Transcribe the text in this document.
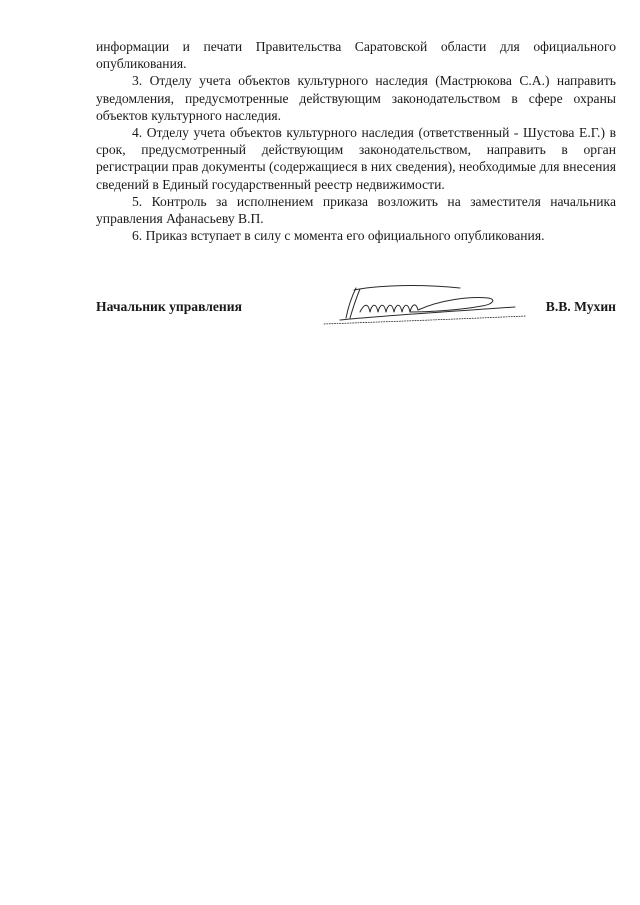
информации и печати Правительства Саратовской области для официального опубликования.

3. Отделу учета объектов культурного наследия (Мастрюкова С.А.) направить уведомления, предусмотренные действующим законодательством в сфере охраны объектов культурного наследия.

4. Отделу учета объектов культурного наследия (ответственный - Шустова Е.Г.) в срок, предусмотренный действующим законодательством, направить в орган регистрации прав документы (содержащиеся в них сведения), необходимые для внесения сведений в Единый государственный реестр недвижимости.

5. Контроль за исполнением приказа возложить на заместителя начальника управления Афанасьеву В.П.

6. Приказ вступает в силу с момента его официального опубликования.

Начальник управления	В.В. Мухин
